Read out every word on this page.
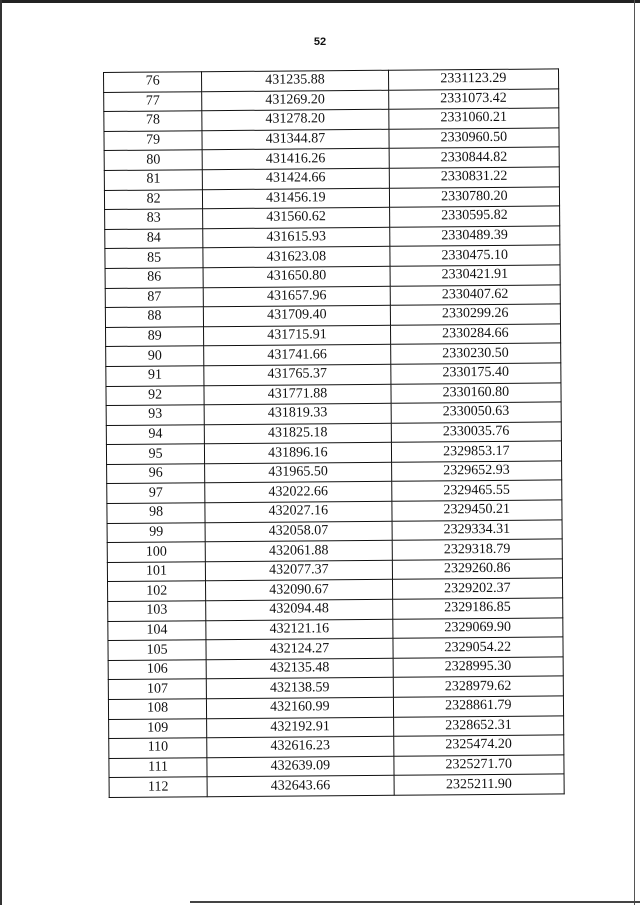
52
76	431235.88	2331123.29
77	431269.20	2331073.42
78	431278.20	2331060.21
79	431344.87	2330960.50
80	431416.26	2330844.82
81	431424.66	2330831.22
82	431456.19	2330780.20
83	431560.62	2330595.82
84	431615.93	2330489.39
85	431623.08	2330475.10
86	431650.80	2330421.91
87	431657.96	2330407.62
88	431709.40	2330299.26
89	431715.91	2330284.66
90	431741.66	2330230.50
91	431765.37	2330175.40
92	431771.88	2330160.80
93	431819.33	2330050.63
94	431825.18	2330035.76
95	431896.16	2329853.17
96	431965.50	2329652.93
97	432022.66	2329465.55
98	432027.16	2329450.21
99	432058.07	2329334.31
100	432061.88	2329318.79
101	432077.37	2329260.86
102	432090.67	2329202.37
103	432094.48	2329186.85
104	432121.16	2329069.90
105	432124.27	2329054.22
106	432135.48	2328995.30
107	432138.59	2328979.62
108	432160.99	2328861.79
109	432192.91	2328652.31
110	432616.23	2325474.20
111	432639.09	2325271.70
112	432643.66	2325211.90
